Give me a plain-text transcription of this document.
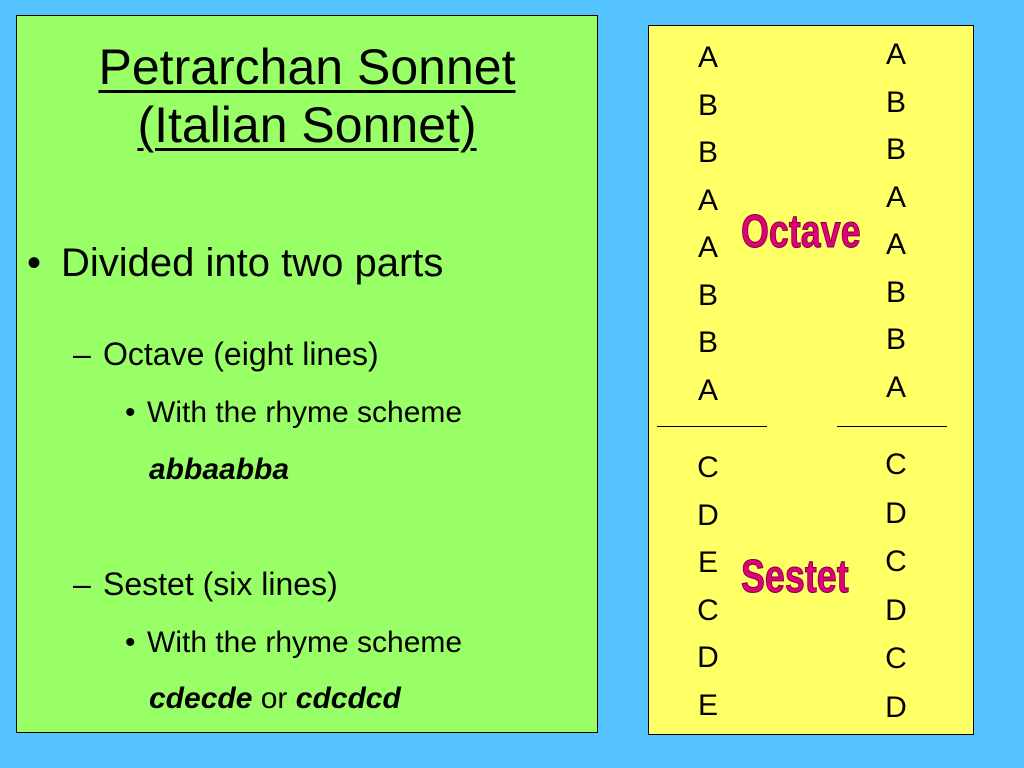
Petrarchan Sonnet
(Italian Sonnet)
• Divided into two parts
– Octave (eight lines)
• With the rhyme scheme
abbaabba
– Sestet (six lines)
• With the rhyme scheme
cdecde or cdcdcd
A
B
B
A
A
B
B
A
C
D
E
C
D
E
Octave
Sestet
A
B
B
A
A
B
B
A
C
D
C
D
C
D
